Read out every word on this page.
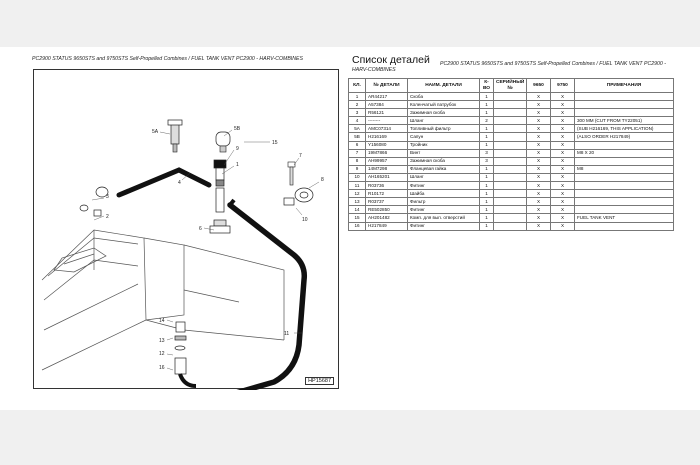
PC2900 STATUS 9650STS and 9750STS Self-Propelled Combines / FUEL TANK VENT PC2900 - HARV-COMBINES
5A	5B
15
9
1
4
7
8
10
6
3
2
11
14
13
12
16
HP15687
Список деталей	PC2900 STATUS 9650STS and 9750STS Self-Propelled Combines / FUEL TANK VENT PC2900 - HARV-COMBINES
КЛ.	№ ДЕТАЛИ	НАИМ. ДЕТАЛИ	К-ВО	СЕРИЙНЫЙ №	9650	9750	ПРИМЕЧАНИЯ
1	AR44217	Скоба	1		X	X	
2	A57384	Коленчатый патрубок	1		X	X	
3	R56121	Зажимная скоба	1		X	X	
4	--------	Шланг	2		X	X	300 MM (CUT FROM TY22051)
5A	AMC07314	Топливный фильтр	1		X	X	(SUB H216169, THIS APPLICATION)
5B	H216169	Сапун	1		X	X	(ALSO ORDER H217849)
6	Y156080	Тройник	1		X	X	
7	19M7866	Винт	3		X	X	M8 X 20
8	AH99957	Зажимная скоба	3		X	X	
9	14M7298	Фланцевая гайка	1		X	X	M8
10	AH165201	Шланг	1		X	X	
11	R03736	Фитинг	1		X	X	
12	R10172	Шайба	1		X	X	
13	R03737	Фильтр	1		X	X	
14	RE502850	Фитинг	1		X	X	
15	AH201482	Комп. для вып. отверстий	1		X	X	FUEL TANK VENT
16	H217849	Фитинг	1		X	X	
